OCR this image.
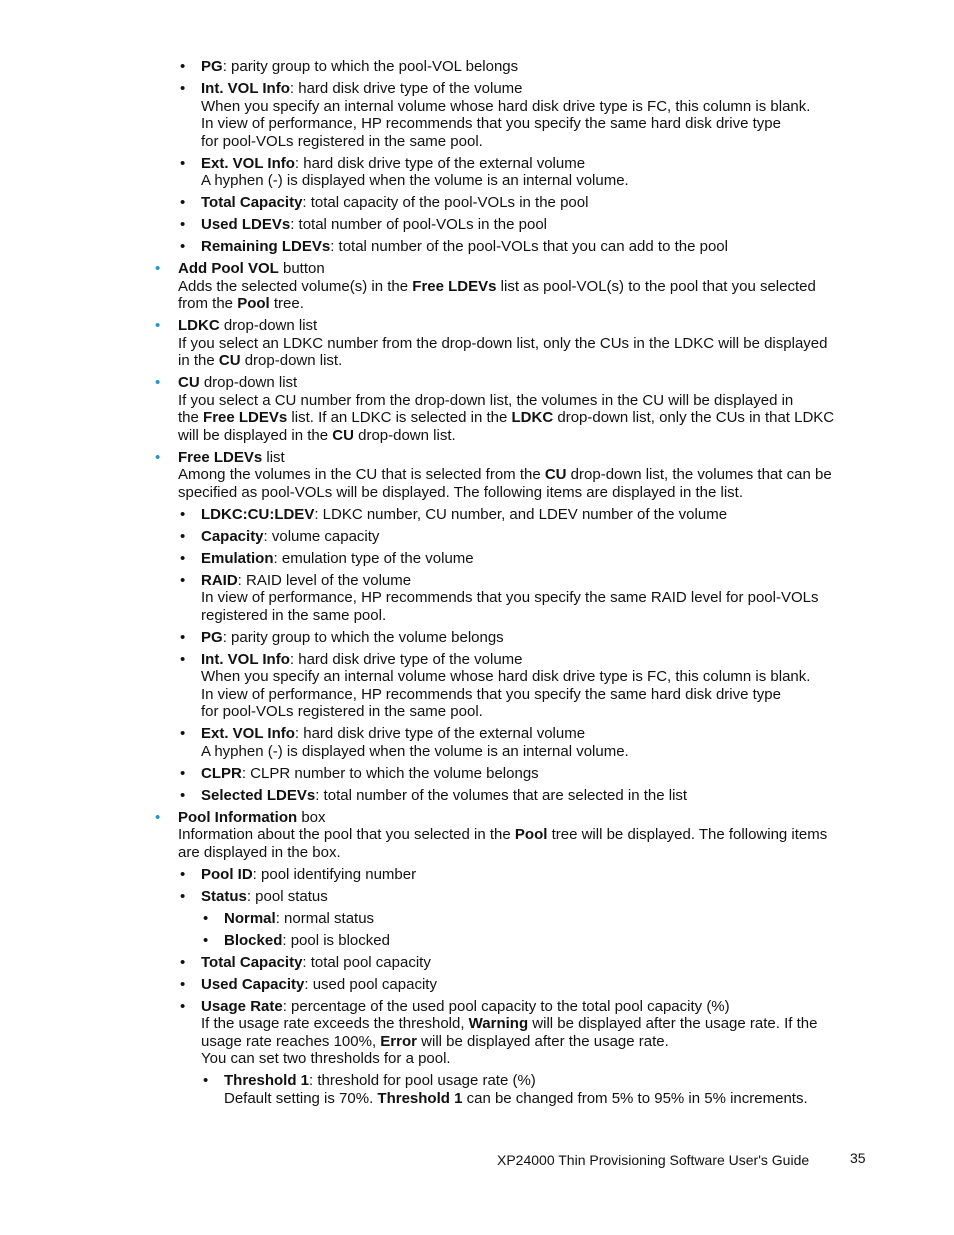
• PG: parity group to which the pool-VOL belongs

• Int. VOL Info: hard disk drive type of the volume

When you specify an internal volume whose hard disk drive type is FC, this column is blank.

In view of performance, HP recommends that you specify the same hard disk drive type

for pool-VOLs registered in the same pool.

• Ext. VOL Info: hard disk drive type of the external volume

A hyphen (-) is displayed when the volume is an internal volume.

• Total Capacity: total capacity of the pool-VOLs in the pool

• Used LDEVs: total number of pool-VOLs in the pool

• Remaining LDEVs: total number of the pool-VOLs that you can add to the pool

• Add Pool VOL button

Adds the selected volume(s) in the Free LDEVs list as pool-VOL(s) to the pool that you selected

from the Pool tree.

• LDKC drop-down list

If you select an LDKC number from the drop-down list, only the CUs in the LDKC will be displayed

in the CU drop-down list.

• CU drop-down list

If you select a CU number from the drop-down list, the volumes in the CU will be displayed in

the Free LDEVs list. If an LDKC is selected in the LDKC drop-down list, only the CUs in that LDKC

will be displayed in the CU drop-down list.

• Free LDEVs list

Among the volumes in the CU that is selected from the CU drop-down list, the volumes that can be

specified as pool-VOLs will be displayed. The following items are displayed in the list.

• LDKC:CU:LDEV: LDKC number, CU number, and LDEV number of the volume

• Capacity: volume capacity

• Emulation: emulation type of the volume

• RAID: RAID level of the volume

In view of performance, HP recommends that you specify the same RAID level for pool-VOLs

registered in the same pool.

• PG: parity group to which the volume belongs

• Int. VOL Info: hard disk drive type of the volume

When you specify an internal volume whose hard disk drive type is FC, this column is blank.

In view of performance, HP recommends that you specify the same hard disk drive type

for pool-VOLs registered in the same pool.

• Ext. VOL Info: hard disk drive type of the external volume

A hyphen (-) is displayed when the volume is an internal volume.

• CLPR: CLPR number to which the volume belongs

• Selected LDEVs: total number of the volumes that are selected in the list

• Pool Information box

Information about the pool that you selected in the Pool tree will be displayed. The following items

are displayed in the box.

• Pool ID: pool identifying number

• Status: pool status

• Normal: normal status

• Blocked: pool is blocked

• Total Capacity: total pool capacity

• Used Capacity: used pool capacity

• Usage Rate: percentage of the used pool capacity to the total pool capacity (%)

If the usage rate exceeds the threshold, Warning will be displayed after the usage rate. If the

usage rate reaches 100%, Error will be displayed after the usage rate.

You can set two thresholds for a pool.

• Threshold 1: threshold for pool usage rate (%)

Default setting is 70%. Threshold 1 can be changed from 5% to 95% in 5% increments.

XP24000 Thin Provisioning Software User's Guide	35
